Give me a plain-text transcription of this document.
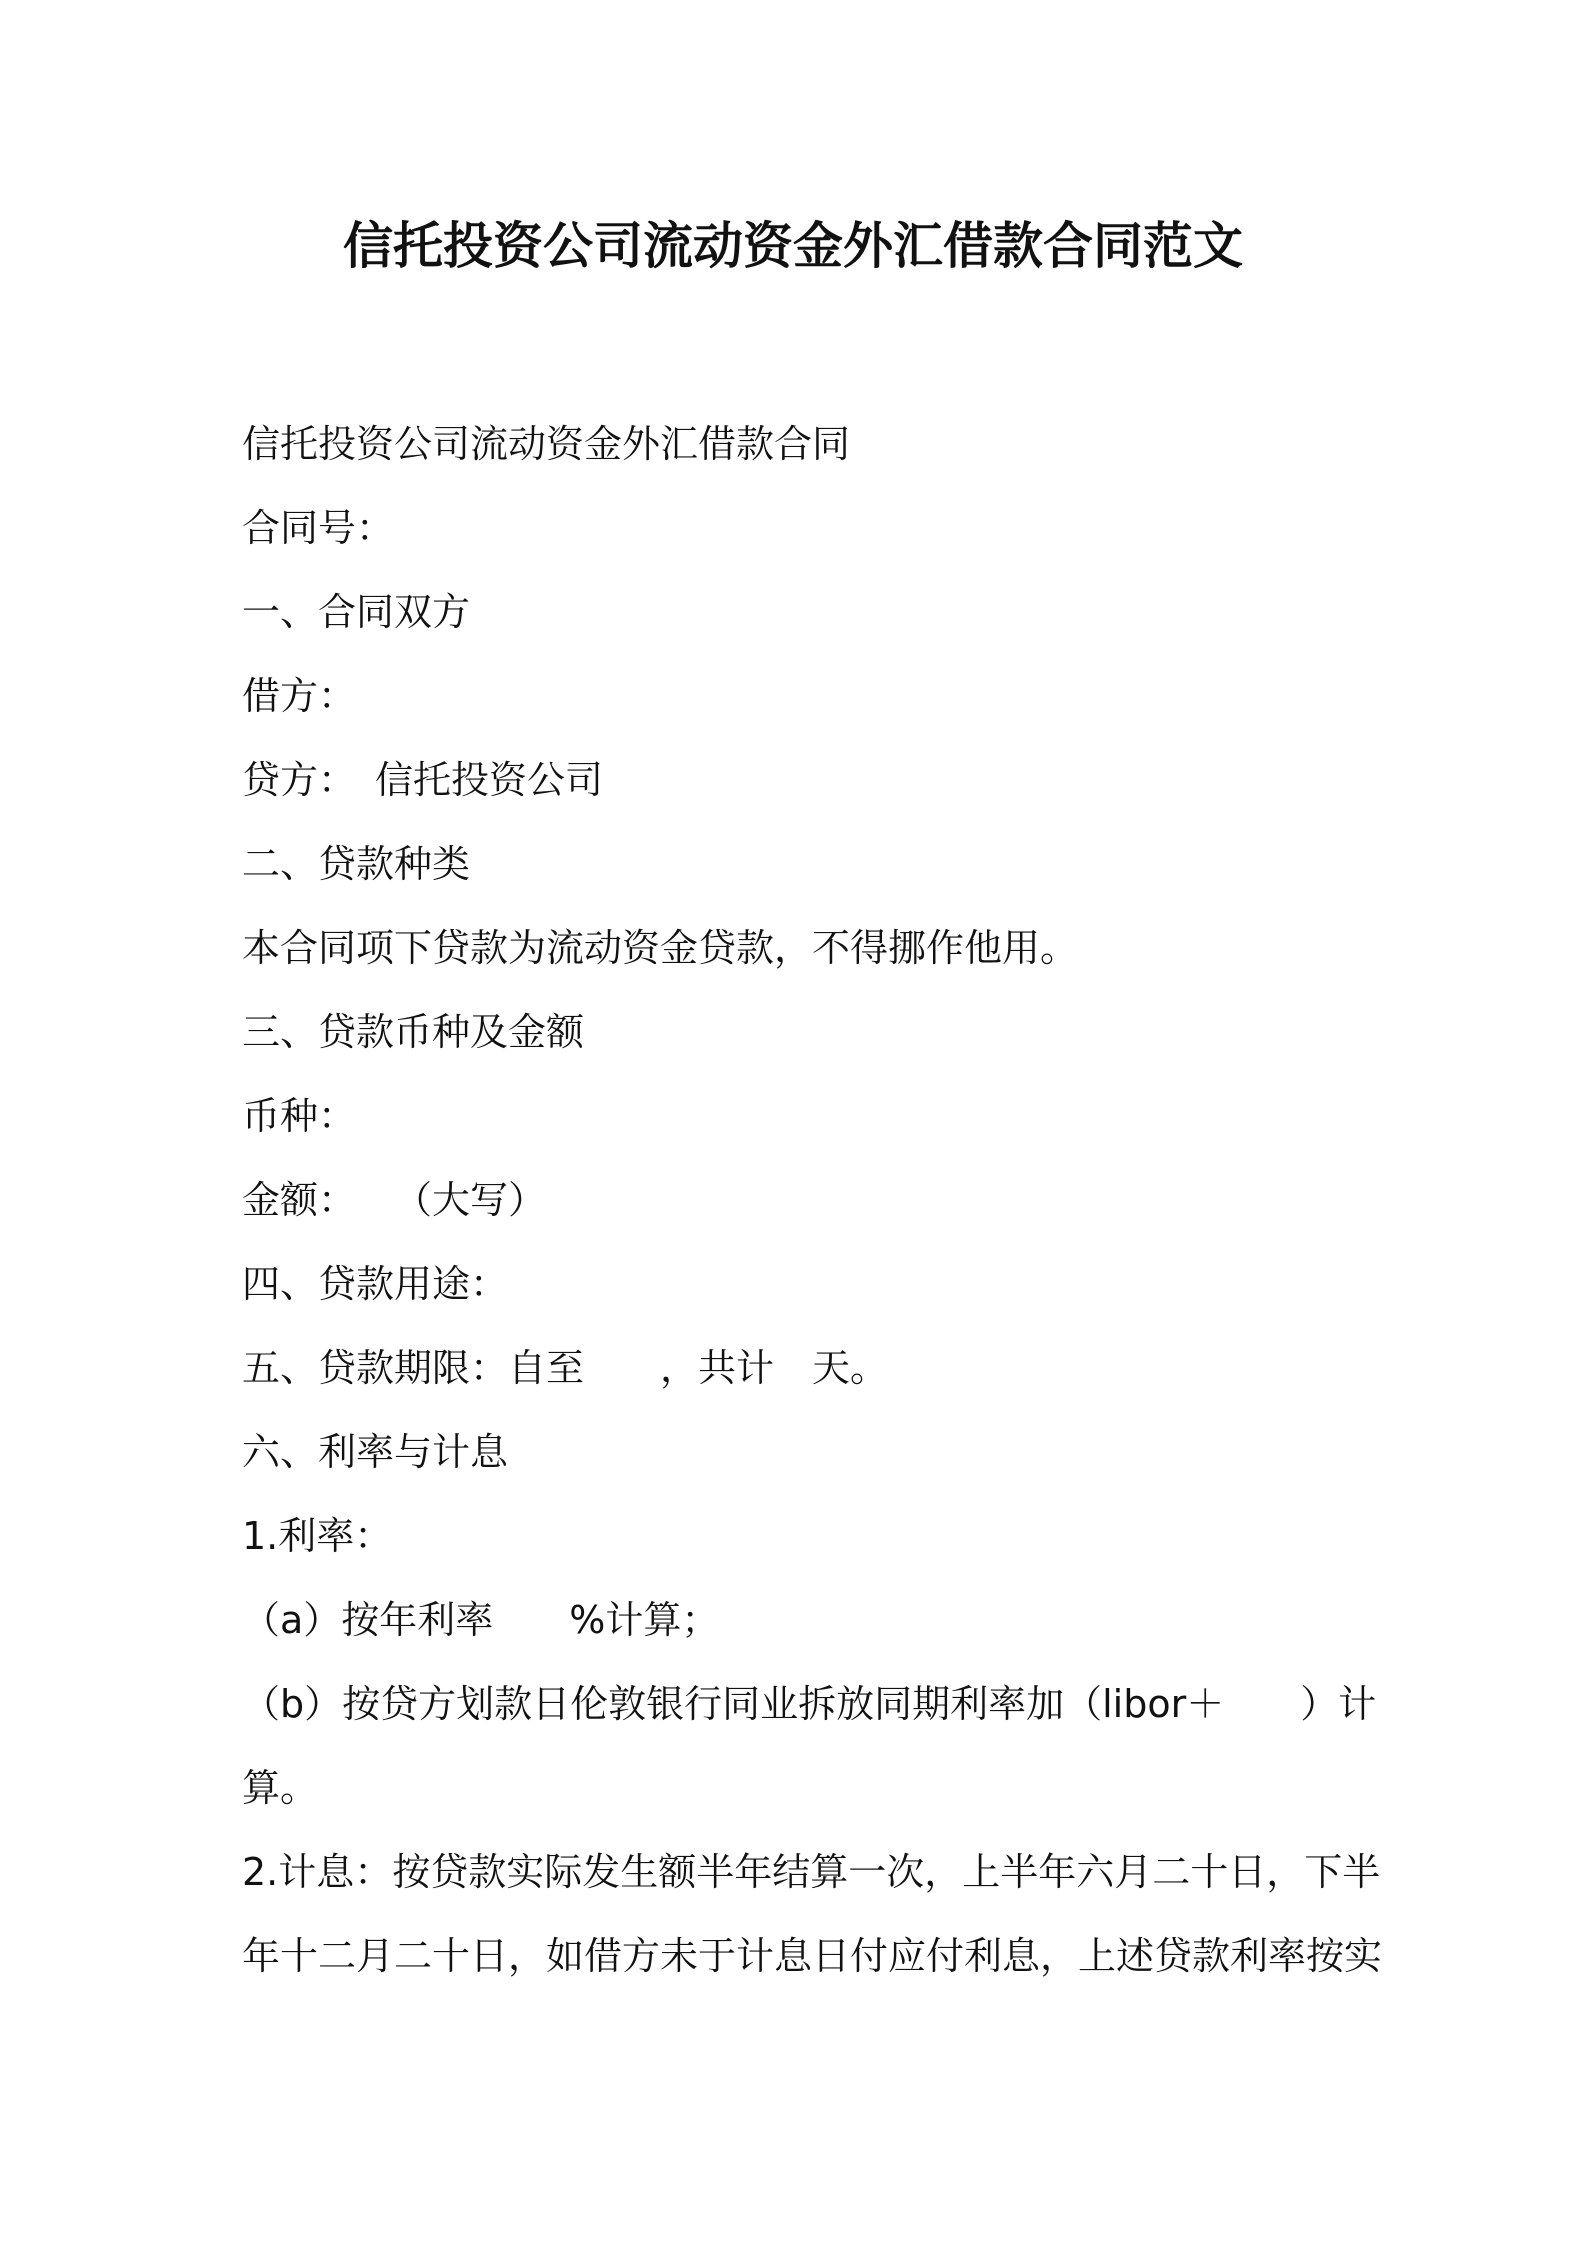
信托投资公司流动资金外汇借款合同范文
信托投资公司流动资金外汇借款合同
合同号：
一、合同双方
借方：
贷方：　信托投资公司
二、贷款种类
本合同项下贷款为流动资金贷款，不得挪作他用。
三、贷款币种及金额
币种：
金额：　　（大写）
四、贷款用途：
五、贷款期限：自至　　，共计　天。
六、利率与计息
1.利率：
（a）按年利率　　%计算；
（b）按贷方划款日伦敦银行同业拆放同期利率加（libor＋　　）计
算。
2.计息：按贷款实际发生额半年结算一次，上半年六月二十日，下半
年十二月二十日，如借方未于计息日付应付利息，上述贷款利率按实
